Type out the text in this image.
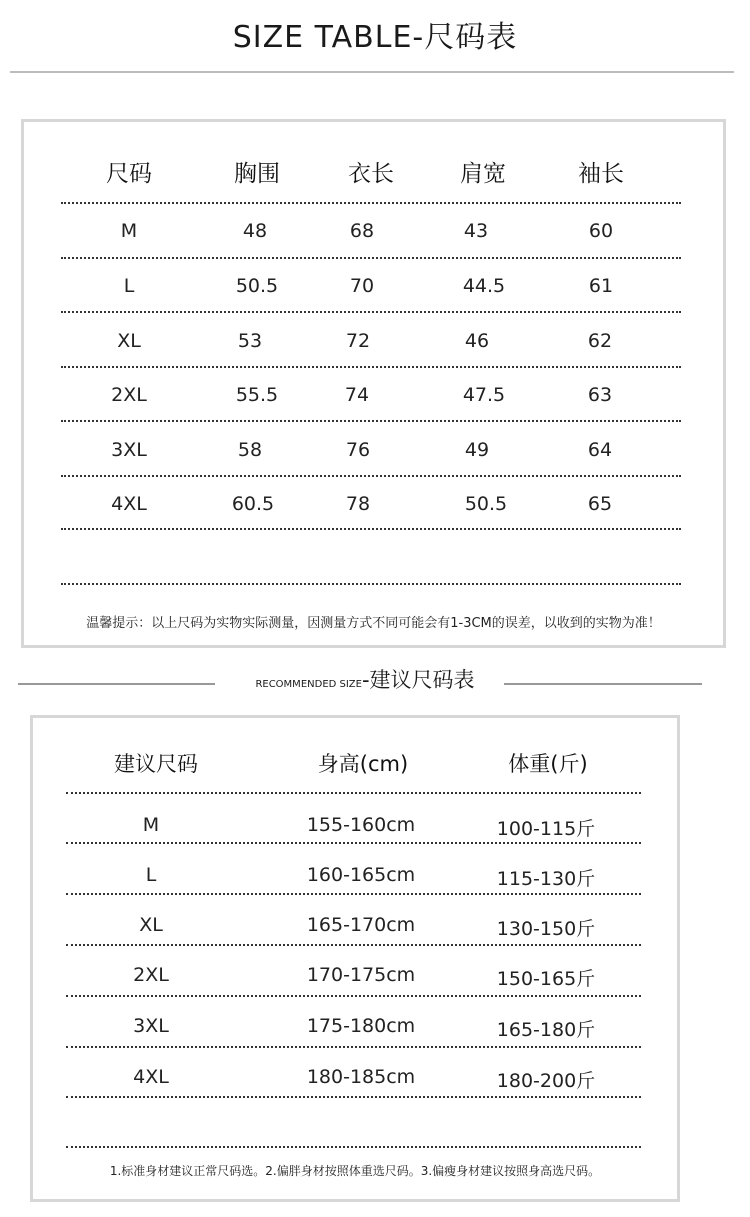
SIZE TABLE-尺码表
尺码	胸围	衣长	肩宽	袖长
M	48	68	43	60
L	50.5	70	44.5	61
XL	53	72	46	62
2XL	55.5	74	47.5	63
3XL	58	76	49	64
4XL	60.5	78	50.5	65
温馨提示：以上尺码为实物实际测量，因测量方式不同可能会有1-3CM的误差，以收到的实物为准！
RECOMMENDED SIZE-建议尺码表
建议尺码	身高(cm)	体重(斤)
M	155-160cm	100-115斤
L	160-165cm	115-130斤
XL	165-170cm	130-150斤
2XL	170-175cm	150-165斤
3XL	175-180cm	165-180斤
4XL	180-185cm	180-200斤
1.标准身材建议正常尺码选。2.偏胖身材按照体重选尺码。3.偏瘦身材建议按照身高选尺码。
